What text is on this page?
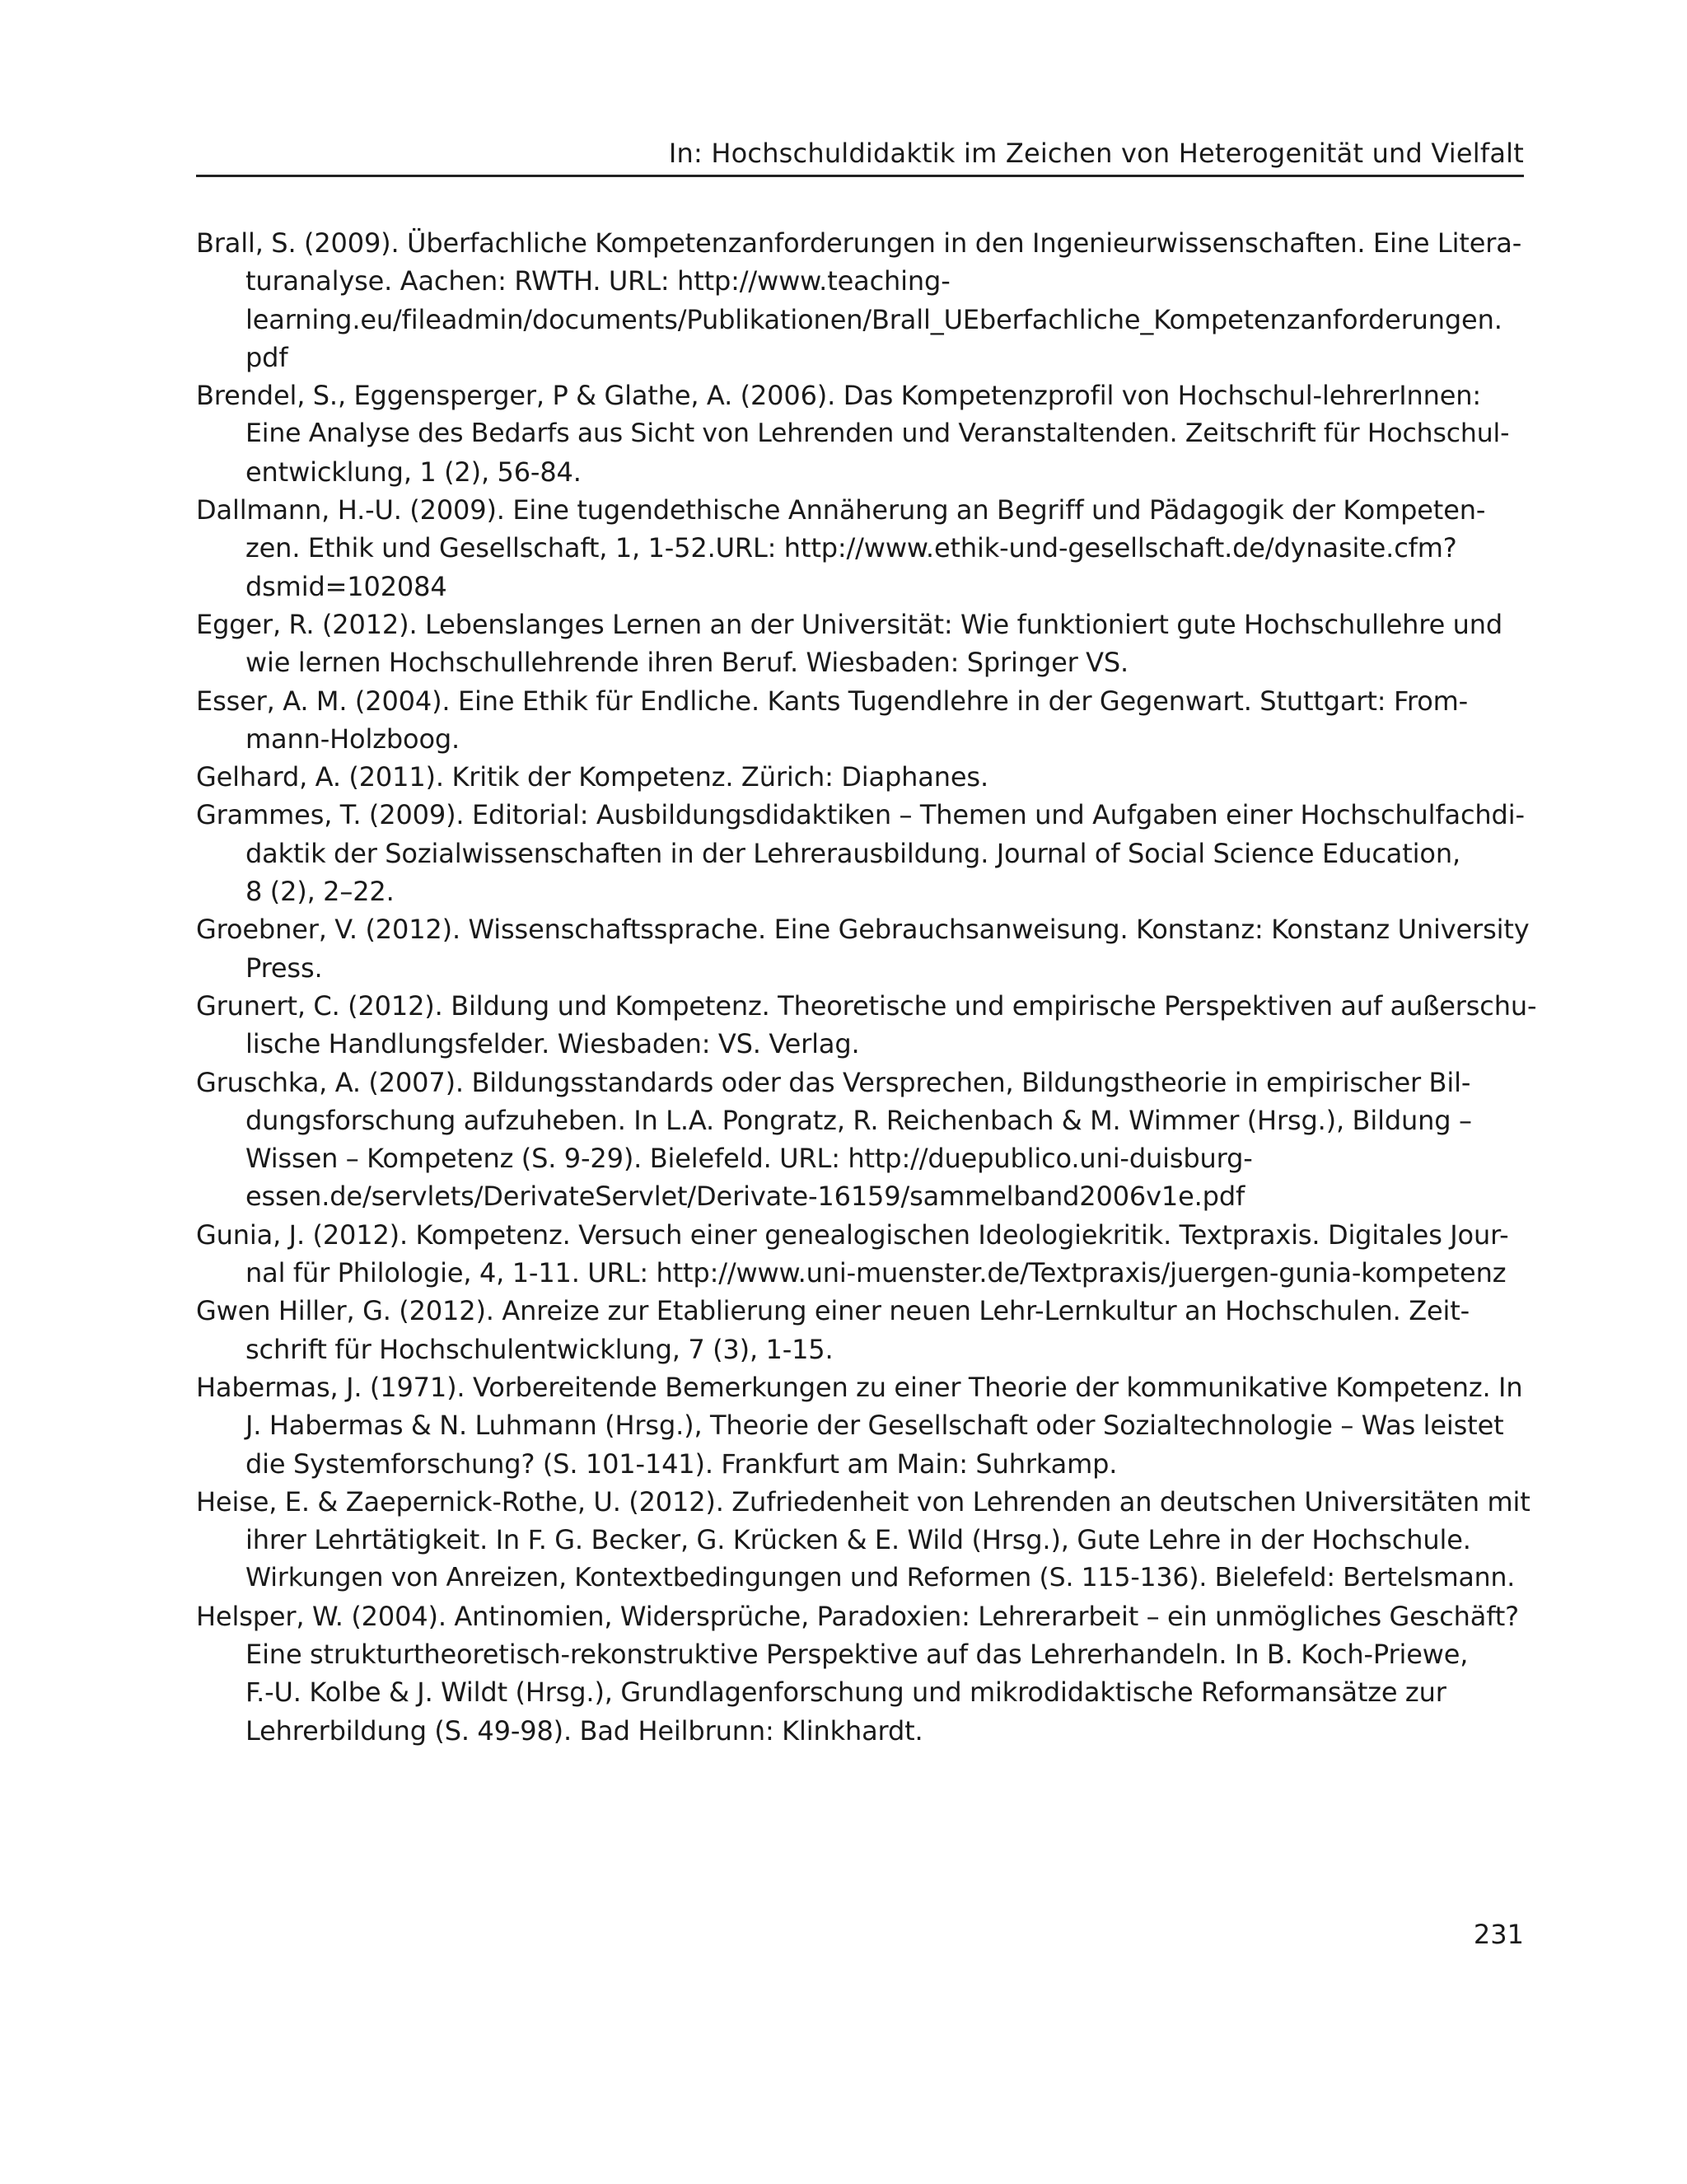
In: Hochschuldidaktik im Zeichen von Heterogenität und Vielfalt
Brall, S. (2009). Überfachliche Kompetenzanforderungen in den Ingenieurwissenschaften. Eine Litera-
turanalyse. Aachen: RWTH. URL: http://www.teaching-
learning.eu/fileadmin/documents/Publikationen/Brall_UEberfachliche_Kompetenzanforderungen.
pdf
Brendel, S., Eggensperger, P & Glathe, A. (2006). Das Kompetenzprofil von Hochschul-lehrerInnen:
Eine Analyse des Bedarfs aus Sicht von Lehrenden und Veranstaltenden. Zeitschrift für Hochschul-
entwicklung, 1 (2), 56-84.
Dallmann, H.-U. (2009). Eine tugendethische Annäherung an Begriff und Pädagogik der Kompeten-
zen. Ethik und Gesellschaft, 1, 1-52.URL: http://www.ethik-und-gesellschaft.de/dynasite.cfm?
dsmid=102084
Egger, R. (2012). Lebenslanges Lernen an der Universität: Wie funktioniert gute Hochschullehre und
wie lernen Hochschullehrende ihren Beruf. Wiesbaden: Springer VS.
Esser, A. M. (2004). Eine Ethik für Endliche. Kants Tugendlehre in der Gegenwart. Stuttgart: From-
mann-Holzboog.
Gelhard, A. (2011). Kritik der Kompetenz. Zürich: Diaphanes.
Grammes, T. (2009). Editorial: Ausbildungsdidaktiken – Themen und Aufgaben einer Hochschulfachdi-
daktik der Sozialwissenschaften in der Lehrerausbildung. Journal of Social Science Education,
8 (2), 2–22.
Groebner, V. (2012). Wissenschaftssprache. Eine Gebrauchsanweisung. Konstanz: Konstanz University
Press.
Grunert, C. (2012). Bildung und Kompetenz. Theoretische und empirische Perspektiven auf außerschu-
lische Handlungsfelder. Wiesbaden: VS. Verlag.
Gruschka, A. (2007). Bildungsstandards oder das Versprechen, Bildungstheorie in empirischer Bil-
dungsforschung aufzuheben. In L.A. Pongratz, R. Reichenbach & M. Wimmer (Hrsg.), Bildung –
Wissen – Kompetenz (S. 9-29). Bielefeld. URL: http://duepublico.uni-duisburg-
essen.de/servlets/DerivateServlet/Derivate-16159/sammelband2006v1e.pdf
Gunia, J. (2012). Kompetenz. Versuch einer genealogischen Ideologiekritik. Textpraxis. Digitales Jour-
nal für Philologie, 4, 1-11. URL: http://www.uni-muenster.de/Textpraxis/juergen-gunia-kompetenz
Gwen Hiller, G. (2012). Anreize zur Etablierung einer neuen Lehr-Lernkultur an Hochschulen. Zeit-
schrift für Hochschulentwicklung, 7 (3), 1-15.
Habermas, J. (1971). Vorbereitende Bemerkungen zu einer Theorie der kommunikative Kompetenz. In
J. Habermas & N. Luhmann (Hrsg.), Theorie der Gesellschaft oder Sozialtechnologie – Was leistet
die Systemforschung? (S. 101-141). Frankfurt am Main: Suhrkamp.
Heise, E. & Zaepernick-Rothe, U. (2012). Zufriedenheit von Lehrenden an deutschen Universitäten mit
ihrer Lehrtätigkeit. In F. G. Becker, G. Krücken & E. Wild (Hrsg.), Gute Lehre in der Hochschule.
Wirkungen von Anreizen, Kontextbedingungen und Reformen (S. 115-136). Bielefeld: Bertelsmann.
Helsper, W. (2004). Antinomien, Widersprüche, Paradoxien: Lehrerarbeit – ein unmögliches Geschäft?
Eine strukturtheoretisch-rekonstruktive Perspektive auf das Lehrerhandeln. In B. Koch-Priewe,
F.-U. Kolbe & J. Wildt (Hrsg.), Grundlagenforschung und mikrodidaktische Reformansätze zur
Lehrerbildung (S. 49-98). Bad Heilbrunn: Klinkhardt.
231
